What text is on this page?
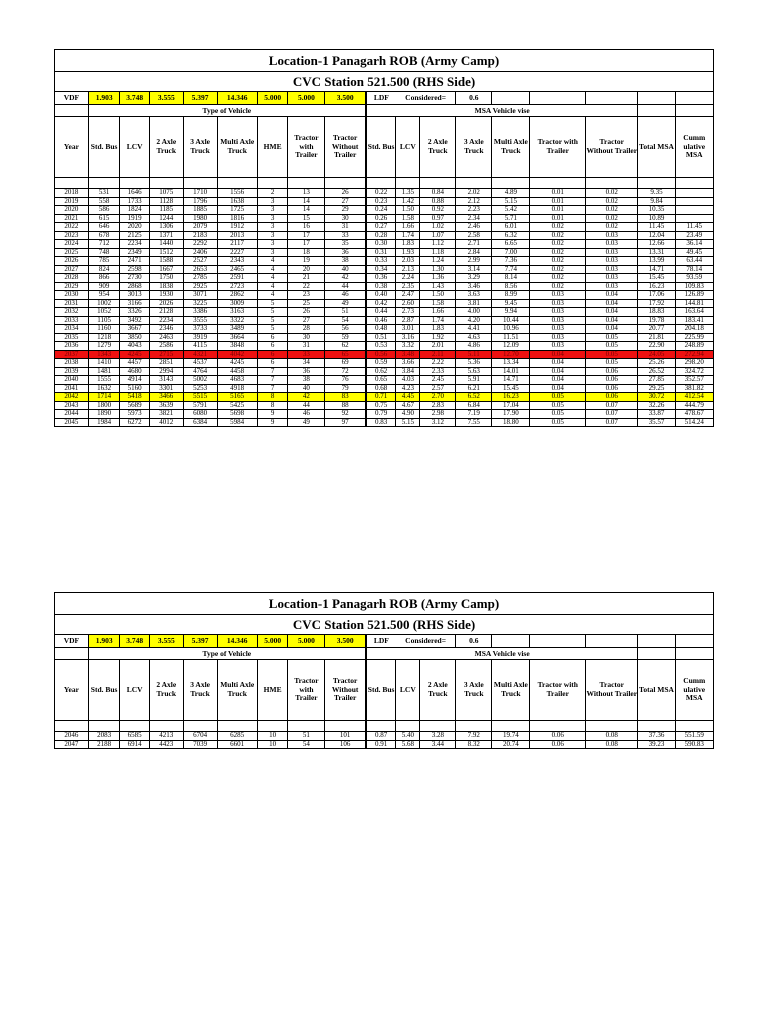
Location-1 Panagarh ROB (Army Camp)																	
CVC Station 521.500 (RHS Side)																	
VDF	1.903	3.748	3.555	5.397	14.346	5.000	5.000	3.500		LDF	Considered=		0.6					
	Type of Vehicle								MSA Vehicle vise								
Year	Std. Bus	LCV	2 Axle Truck	3 Axle Truck	Multi Axle Truck	HME	Tractor with Trailer	Tractor Without Trailer		Std. Bus	LCV	2 Axle Truck	3 Axle Truck	Multi Axle Truck	Tractor with Trailer	Tractor Without Trailer	Total MSA	Cumm ulative MSA

2018	531	1646	1075	1710	1556	2	13	26		0.22	1.35	0.84	2.02	4.89	0.01	0.02	9.35	
2019	558	1733	1128	1796	1638	3	14	27		0.23	1.42	0.88	2.12	5.15	0.01	0.02	9.84	
2020	586	1824	1185	1885	1725	3	14	29		0.24	1.50	0.92	2.23	5.42	0.01	0.02	10.35	
2021	615	1919	1244	1980	1816	3	15	30		0.26	1.58	0.97	2.34	5.71	0.01	0.02	10.89	
2022	646	2020	1306	2079	1912	3	16	31		0.27	1.66	1.02	2.46	6.01	0.02	0.02	11.45	11.45
2023	678	2125	1371	2183	2013	3	17	33		0.28	1.74	1.07	2.58	6.32	0.02	0.03	12.04	23.49
2024	712	2234	1440	2292	2117	3	17	35		0.30	1.83	1.12	2.71	6.65	0.02	0.03	12.66	36.14
2025	748	2349	1512	2406	2227	3	18	36		0.31	1.93	1.18	2.84	7.00	0.02	0.03	13.31	49.45
2026	785	2471	1588	2527	2343	4	19	38		0.33	2.03	1.24	2.99	7.36	0.02	0.03	13.99	63.44
2027	824	2598	1667	2653	2465	4	20	40		0.34	2.13	1.30	3.14	7.74	0.02	0.03	14.71	78.14
2028	866	2730	1750	2785	2591	4	21	42		0.36	2.24	1.36	3.29	8.14	0.02	0.03	15.45	93.59
2029	909	2868	1838	2925	2723	4	22	44		0.38	2.35	1.43	3.46	8.56	0.02	0.03	16.23	109.83
2030	954	3013	1930	3071	2862	4	23	46		0.40	2.47	1.50	3.63	8.99	0.03	0.04	17.06	126.89
2031	1002	3166	2026	3225	3009	5	25	49		0.42	2.60	1.58	3.81	9.45	0.03	0.04	17.92	144.81
2032	1052	3326	2128	3386	3163	5	26	51		0.44	2.73	1.66	4.00	9.94	0.03	0.04	18.83	163.64
2033	1105	3492	2234	3555	3322	5	27	54		0.46	2.87	1.74	4.20	10.44	0.03	0.04	19.78	183.41
2034	1160	3667	2346	3733	3489	5	28	56		0.48	3.01	1.83	4.41	10.96	0.03	0.04	20.77	204.18
2035	1218	3850	2463	3919	3664	6	30	59		0.51	3.16	1.92	4.63	11.51	0.03	0.05	21.81	225.99
2036	1279	4043	2586	4115	3848	6	31	62		0.53	3.32	2.01	4.86	12.09	0.03	0.05	22.90	248.89
2037	1343	4245	2715	4321	4042	6	33	65		0.56	3.48	2.11	5.11	12.70	0.04	0.05	24.05	272.94
2038	1410	4457	2851	4537	4245	6	34	69		0.59	3.66	2.22	5.36	13.34	0.04	0.05	25.26	298.20
2039	1481	4680	2994	4764	4458	7	36	72		0.62	3.84	2.33	5.63	14.01	0.04	0.06	26.52	324.72
2040	1555	4914	3143	5002	4683	7	38	76		0.65	4.03	2.45	5.91	14.71	0.04	0.06	27.85	352.57
2041	1632	5160	3301	5253	4918	7	40	79		0.68	4.23	2.57	6.21	15.45	0.04	0.06	29.25	381.82
2042	1714	5418	3466	5515	5165	8	42	83		0.71	4.45	2.70	6.52	16.23	0.05	0.06	30.72	412.54
2043	1800	5689	3639	5791	5425	8	44	88		0.75	4.67	2.83	6.84	17.04	0.05	0.07	32.26	444.79
2044	1890	5973	3821	6080	5698	9	46	92		0.79	4.90	2.98	7.19	17.90	0.05	0.07	33.87	478.67
2045	1984	6272	4012	6384	5984	9	49	97		0.83	5.15	3.12	7.55	18.80	0.05	0.07	35.57	514.24
Location-1 Panagarh ROB (Army Camp)																	
CVC Station 521.500 (RHS Side)																	
VDF	1.903	3.748	3.555	5.397	14.346	5.000	5.000	3.500		LDF	Considered=		0.6					
	Type of Vehicle								MSA Vehicle vise								
Year	Std. Bus	LCV	2 Axle Truck	3 Axle Truck	Multi Axle Truck	HME	Tractor with Trailer	Tractor Without Trailer		Std. Bus	LCV	2 Axle Truck	3 Axle Truck	Multi Axle Truck	Tractor with Trailer	Tractor Without Trailer	Total MSA	Cumm ulative MSA

2046	2083	6585	4213	6704	6285	10	51	101		0.87	5.40	3.28	7.92	19.74	0.06	0.08	37.36	551.59
2047	2188	6914	4423	7039	6601	10	54	106		0.91	5.68	3.44	8.32	20.74	0.06	0.08	39.23	590.83
